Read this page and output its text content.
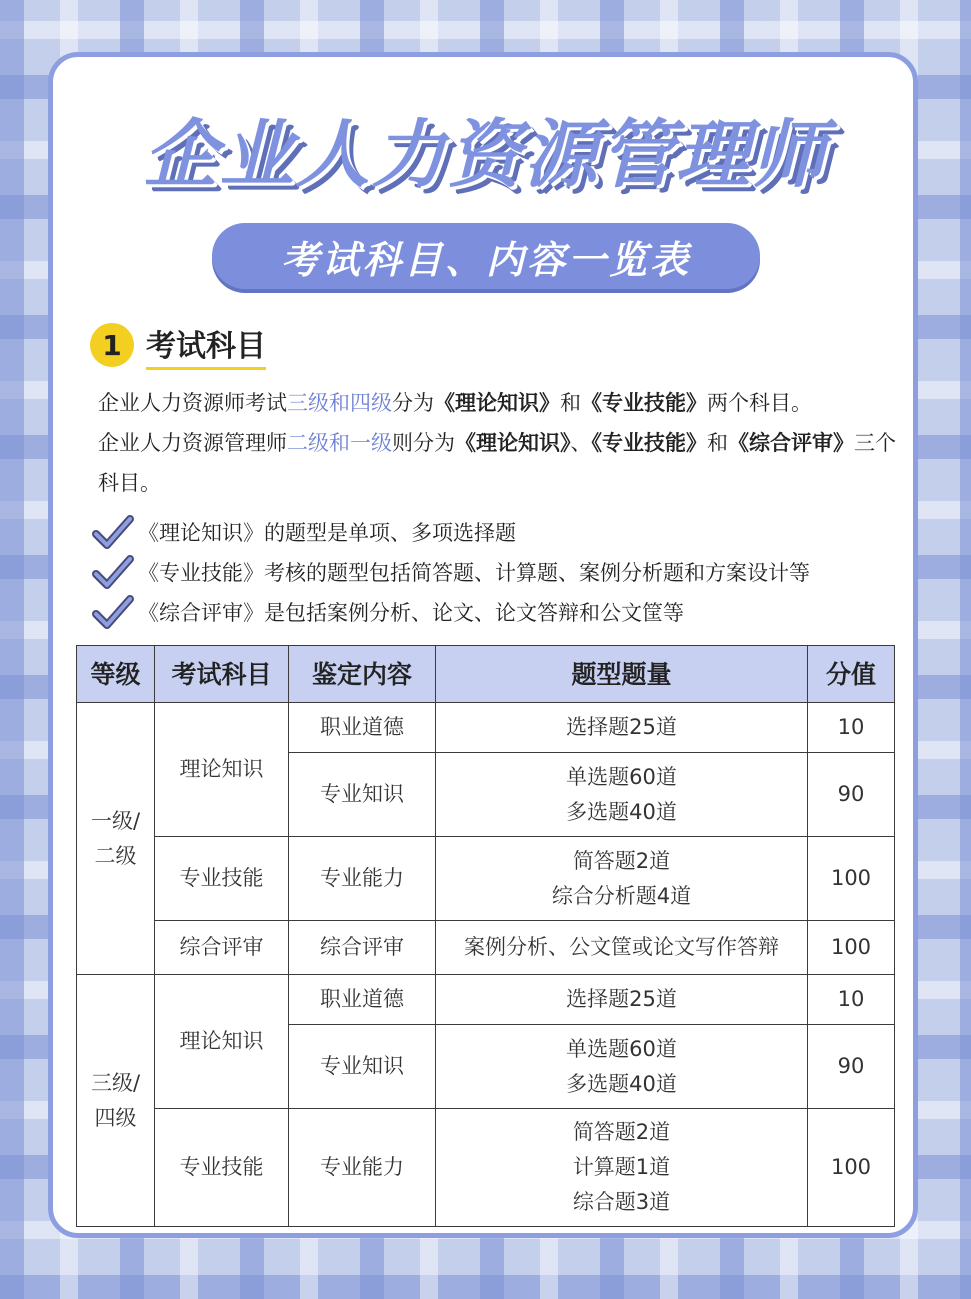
企业人力资源管理师
考试科目、内容一览表
1 考试科目
企业人力资源师考试三级和四级分为《理论知识》和《专业技能》两个科目。
企业人力资源管理师二级和一级则分为《理论知识》、《专业技能》和《综合评审》三个科目。
《理论知识》的题型是单项、多项选择题
《专业技能》考核的题型包括简答题、计算题、案例分析题和方案设计等
《综合评审》是包括案例分析、论文、论文答辩和公文筐等
等级	考试科目	鉴定内容	题型题量	分值

一级/
二级	理论知识	职业道德	选择题25道	10
		专业知识	单选题60道
多选题40道	90
	专业技能	专业能力	简答题2道
综合分析题4道	100
	综合评审	综合评审	案例分析、公文筐或论文写作答辩	100

三级/
四级	理论知识	职业道德	选择题25道	10
		专业知识	单选题60道
多选题40道	90
	专业技能	专业能力	简答题2道
计算题1道
综合题3道	100
